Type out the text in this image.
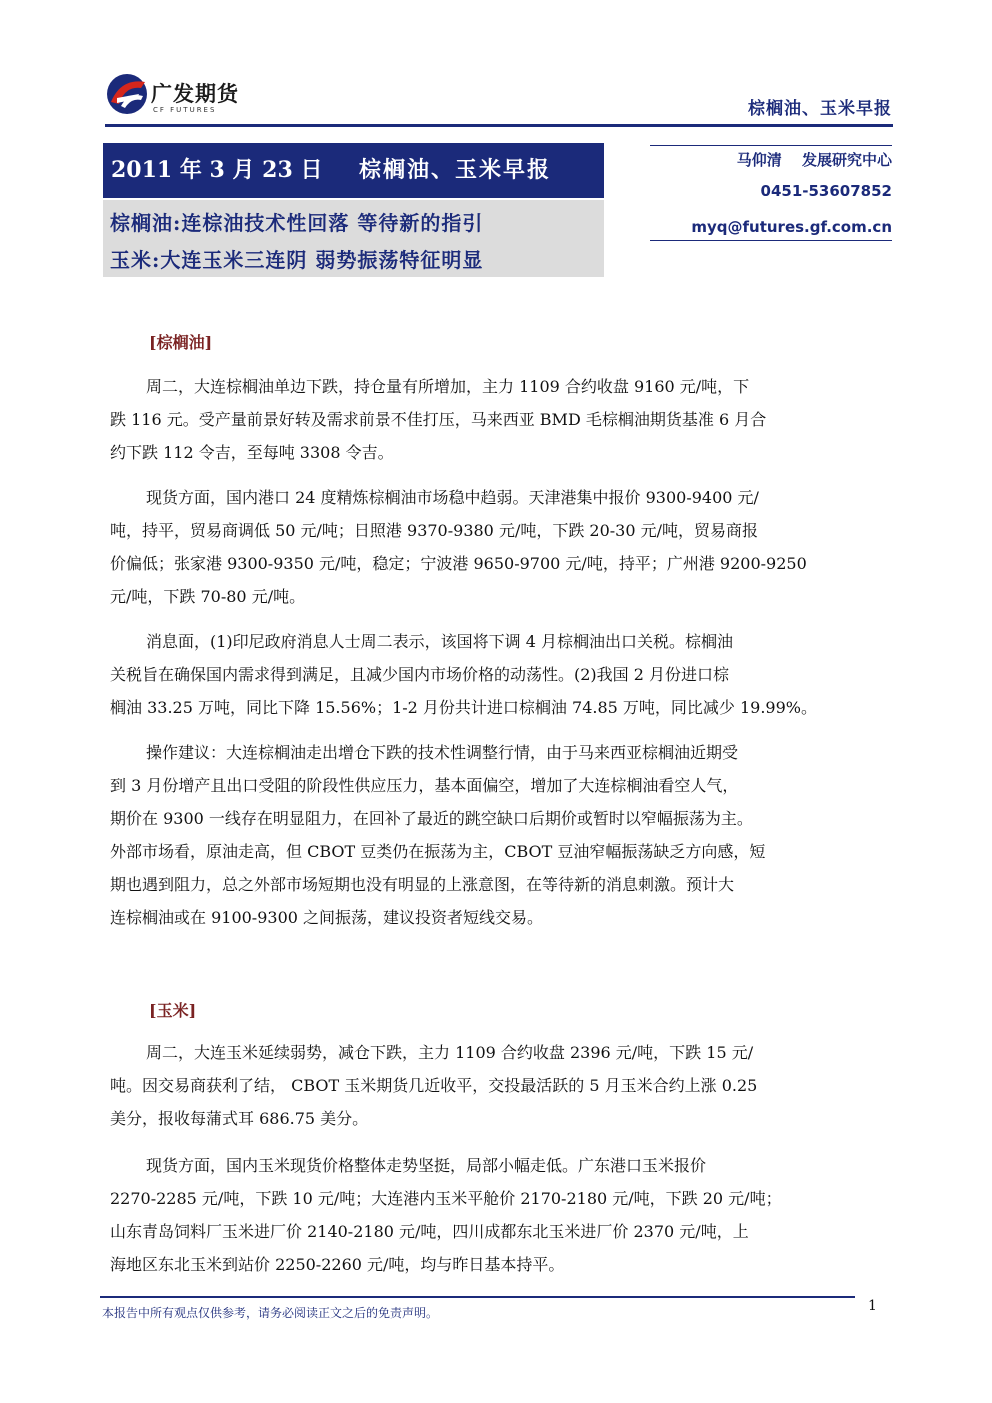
广发期货
CF FUTURES	棕榈油、玉米早报
2011 年 3 月 23 日 棕榈油、玉米早报
棕榈油:连棕油技术性回落 等待新的指引
玉米:大连玉米三连阴 弱势振荡特征明显
马仰清　 发展研究中心
0451-53607852
myq@futures.gf.com.cn
[棕榈油]
周二，大连棕榈油单边下跌，持仓量有所增加，主力 1109 合约收盘 9160 元/吨，下
跌 116 元。受产量前景好转及需求前景不佳打压，马来西亚 BMD 毛棕榈油期货基准 6 月合
约下跌 112 令吉，至每吨 3308 令吉。
现货方面，国内港口 24 度精炼棕榈油市场稳中趋弱。天津港集中报价 9300-9400 元/
吨，持平，贸易商调低 50 元/吨；日照港 9370-9380 元/吨，下跌 20-30 元/吨，贸易商报
价偏低；张家港 9300-9350 元/吨，稳定；宁波港 9650-9700 元/吨，持平；广州港 9200-9250
元/吨，下跌 70-80 元/吨。
消息面，(1)印尼政府消息人士周二表示，该国将下调 4 月棕榈油出口关税。棕榈油
关税旨在确保国内需求得到满足，且减少国内市场价格的动荡性。(2)我国 2 月份进口棕
榈油 33.25 万吨，同比下降 15.56%；1-2 月份共计进口棕榈油 74.85 万吨，同比减少 19.99%。
操作建议：大连棕榈油走出增仓下跌的技术性调整行情，由于马来西亚棕榈油近期受
到 3 月份增产且出口受阻的阶段性供应压力，基本面偏空，增加了大连棕榈油看空人气，
期价在 9300 一线存在明显阻力，在回补了最近的跳空缺口后期价或暂时以窄幅振荡为主。
外部市场看，原油走高，但 CBOT 豆类仍在振荡为主，CBOT 豆油窄幅振荡缺乏方向感，短
期也遇到阻力，总之外部市场短期也没有明显的上涨意图，在等待新的消息刺激。预计大
连棕榈油或在 9100-9300 之间振荡，建议投资者短线交易。
[玉米]
周二，大连玉米延续弱势，减仓下跌，主力 1109 合约收盘 2396 元/吨，下跌 15 元/
吨。因交易商获利了结， CBOT 玉米期货几近收平，交投最活跃的 5 月玉米合约上涨 0.25
美分，报收每蒲式耳 686.75 美分。
现货方面，国内玉米现货价格整体走势坚挺，局部小幅走低。广东港口玉米报价
2270-2285 元/吨，下跌 10 元/吨；大连港内玉米平舱价 2170-2180 元/吨，下跌 20 元/吨；
山东青岛饲料厂玉米进厂价 2140-2180 元/吨，四川成都东北玉米进厂价 2370 元/吨，上
海地区东北玉米到站价 2250-2260 元/吨，均与昨日基本持平。
本报告中所有观点仅供参考，请务必阅读正文之后的免责声明。	1
